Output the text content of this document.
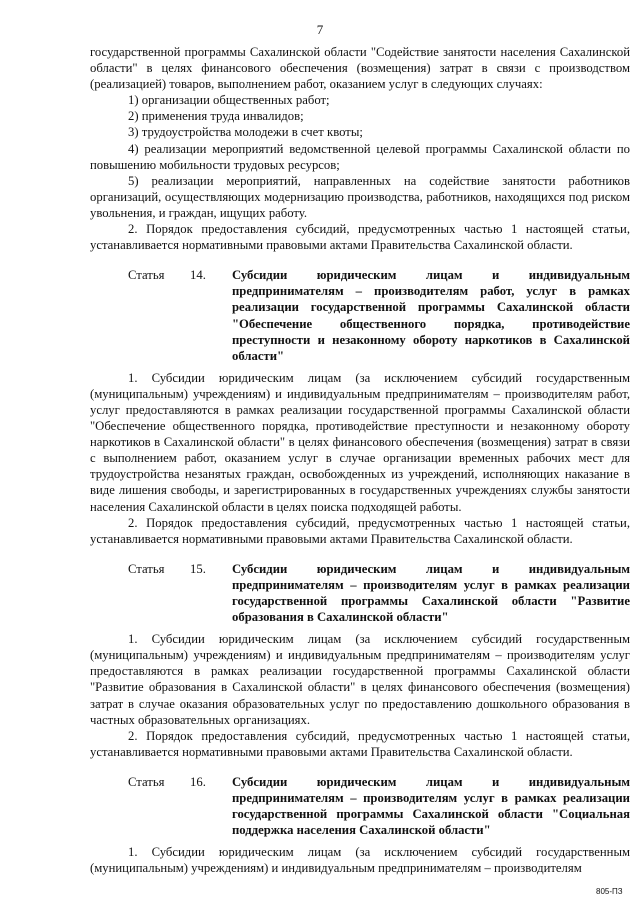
7

государственной программы Сахалинской области "Содействие занятости населения Сахалинской области" в целях финансового обеспечения (возмещения) затрат в связи с производством (реализацией) товаров, выполнением работ, оказанием услуг в следующих случаях:

1) организации общественных работ;

2) применения труда инвалидов;

3) трудоустройства молодежи в счет квоты;

4) реализации мероприятий ведомственной целевой программы Сахалинской области по повышению мобильности трудовых ресурсов;

5) реализации мероприятий, направленных на содействие занятости работников организаций, осуществляющих модернизацию производства, работников, находящихся под риском увольнения, и граждан, ищущих работу.

2. Порядок предоставления субсидий, предусмотренных частью 1 настоящей статьи, устанавливается нормативными правовыми актами Правительства Сахалинской области.

Статья	14.	Субсидии юридическим лицам и индивидуальным предпринимателям – производителям работ, услуг в рамках реализации государственной программы Сахалинской области "Обеспечение общественного порядка, противодействие преступности и незаконному обороту наркотиков в Сахалинской области"

1. Субсидии юридическим лицам (за исключением субсидий государственным (муниципальным) учреждениям) и индивидуальным предпринимателям – производителям работ, услуг предоставляются в рамках реализации государственной программы Сахалинской области "Обеспечение общественного порядка, противодействие преступности и незаконному обороту наркотиков в Сахалинской области" в целях финансового обеспечения (возмещения) затрат в связи с выполнением работ, оказанием услуг в случае организации временных рабочих мест для трудоустройства незанятых граждан, освобожденных из учреждений, исполняющих наказание в виде лишения свободы, и зарегистрированных в государственных учреждениях службы занятости населения Сахалинской области в целях поиска подходящей работы.

2. Порядок предоставления субсидий, предусмотренных частью 1 настоящей статьи, устанавливается нормативными правовыми актами Правительства Сахалинской области.

Статья	15.	Субсидии юридическим лицам и индивидуальным предпринимателям – производителям услуг в рамках реализации государственной программы Сахалинской области "Развитие образования в Сахалинской области"

1. Субсидии юридическим лицам (за исключением субсидий государственным (муниципальным) учреждениям) и индивидуальным предпринимателям – производителям услуг предоставляются в рамках реализации государственной программы Сахалинской области "Развитие образования в Сахалинской области" в целях финансового обеспечения (возмещения) затрат в случае оказания образовательных услуг по предоставлению дошкольного образования в частных образовательных организациях.

2. Порядок предоставления субсидий, предусмотренных частью 1 настоящей статьи, устанавливается нормативными правовыми актами Правительства Сахалинской области.

Статья	16.	Субсидии юридическим лицам и индивидуальным предпринимателям – производителям услуг в рамках реализации государственной программы Сахалинской области "Социальная поддержка населения Сахалинской области"

1. Субсидии юридическим лицам (за исключением субсидий государственным (муниципальным) учреждениям) и индивидуальным предпринимателям – производителям

805-ПЗ
